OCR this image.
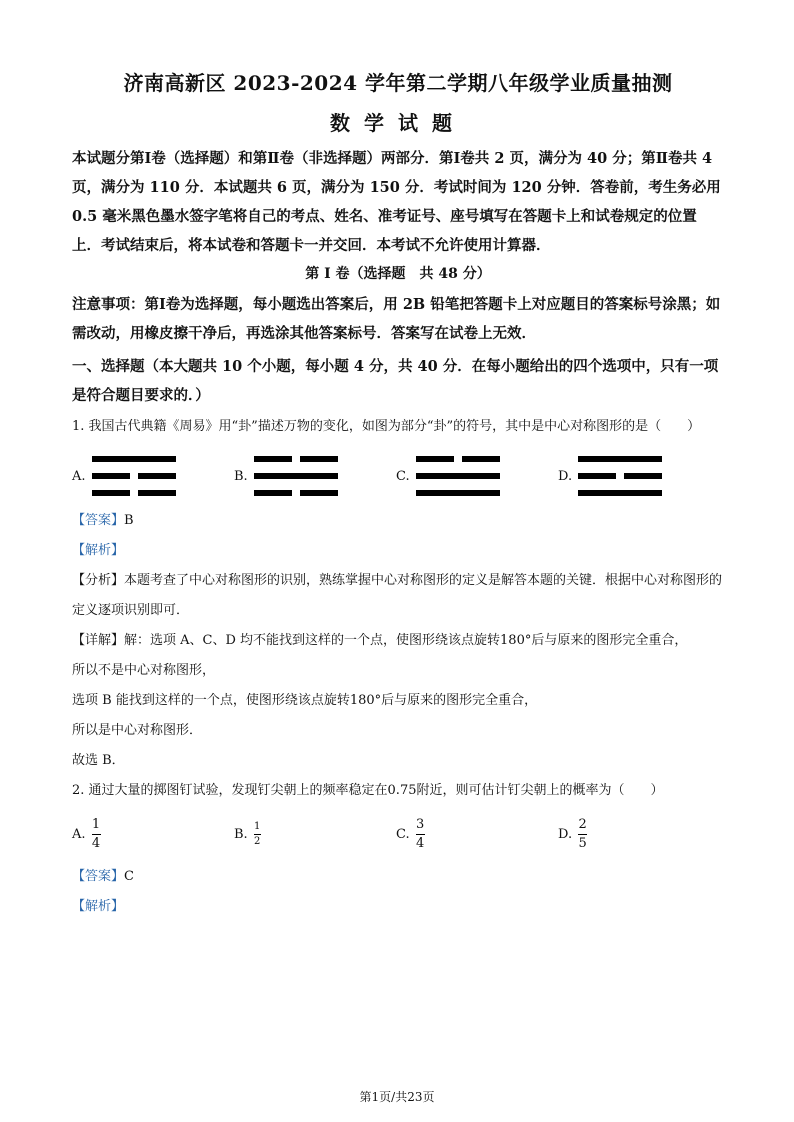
济南高新区 2023-2024 学年第二学期八年级学业质量抽测
数学试题
本试题分第Ⅰ卷（选择题）和第Ⅱ卷（非选择题）两部分．第Ⅰ卷共 2 页，满分为 40 分；第Ⅱ卷共 4 页，满分为 110 分．本试题共 6 页，满分为 150 分．考试时间为 120 分钟．答卷前，考生务必用 0.5 毫米黑色墨水签字笔将自己的考点、姓名、准考证号、座号填写在答题卡上和试卷规定的位置上．考试结束后，将本试卷和答题卡一并交回．本考试不允许使用计算器．
第 I 卷（选择题　共 48 分）
注意事项：第Ⅰ卷为选择题，每小题选出答案后，用 2B 铅笔把答题卡上对应题目的答案标号涂黑；如需改动，用橡皮擦干净后，再选涂其他答案标号．答案写在试卷上无效．
一、选择题（本大题共 10 个小题，每小题 4 分，共 40 分．在每小题给出的四个选项中，只有一项是符合题目要求的．）
1. 我国古代典籍《周易》用“卦”描述万物的变化，如图为部分“卦”的符号，其中是中心对称图形的是（　　）
A.	B.	C.	D.
【答案】B
【解析】
【分析】本题考查了中心对称图形的识别，熟练掌握中心对称图形的定义是解答本题的关键．根据中心对称图形的定义逐项识别即可．
【详解】解：选项 A、C、D 均不能找到这样的一个点，使图形绕该点旋转180°后与原来的图形完全重合，
所以不是中心对称图形，
选项 B 能找到这样的一个点，使图形绕该点旋转180°后与原来的图形完全重合，
所以是中心对称图形．
故选 B．
2. 通过大量的掷图钉试验，发现钉尖朝上的频率稳定在0.75附近，则可估计钉尖朝上的概率为（　　）
A. $\frac{1}{4}$	B. $\frac{1}{2}$	C. $\frac{3}{4}$	D. $\frac{2}{5}$
【答案】C
【解析】
第1页/共23页
